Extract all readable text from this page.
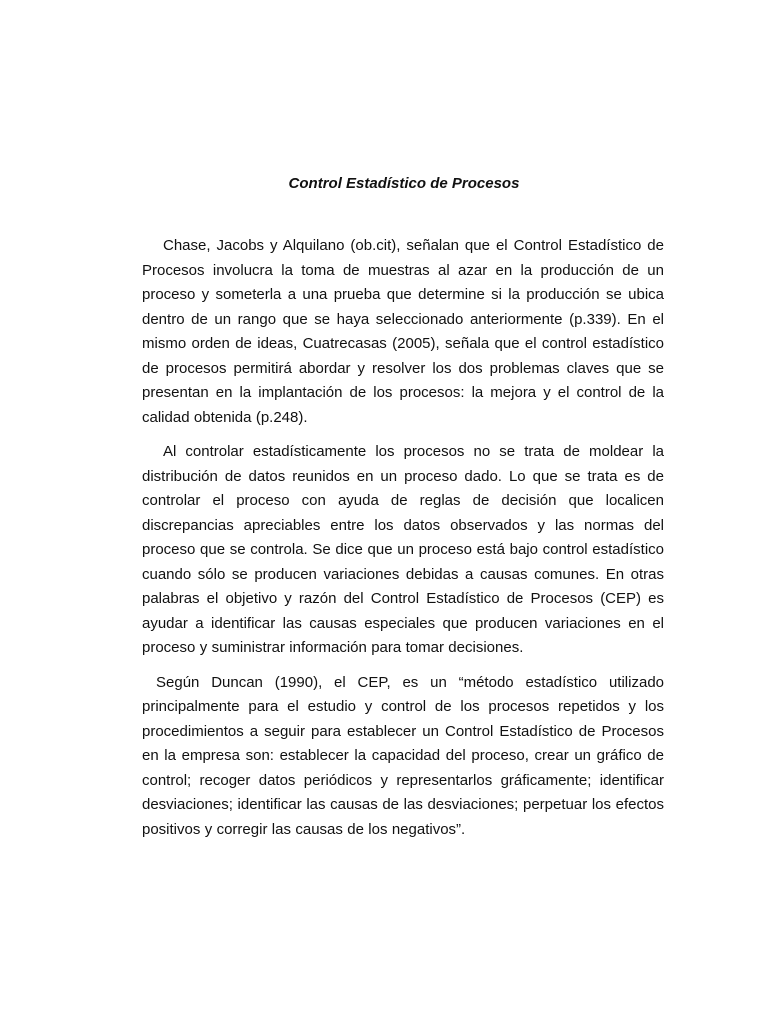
Control Estadístico de Procesos

Chase, Jacobs y Alquilano (ob.cit), señalan que el Control Estadístico de Procesos involucra la toma de muestras al azar en la producción de un proceso y someterla a una prueba que determine si la producción se ubica dentro de un rango que se haya seleccionado anteriormente (p.339). En el mismo orden de ideas, Cuatrecasas (2005), señala que el control estadístico de procesos permitirá abordar y resolver los dos problemas claves que se presentan en la implantación de los procesos: la mejora y el control de la calidad obtenida (p.248).

Al controlar estadísticamente los procesos no se trata de moldear la distribución de datos reunidos en un proceso dado. Lo que se trata es de controlar el proceso con ayuda de reglas de decisión que localicen discrepancias apreciables entre los datos observados y las normas del proceso que se controla. Se dice que un proceso está bajo control estadístico cuando sólo se producen variaciones debidas a causas comunes. En otras palabras el objetivo y razón del Control Estadístico de Procesos (CEP) es ayudar a identificar las causas especiales que producen variaciones en el proceso y suministrar información para tomar decisiones.

Según Duncan (1990), el CEP, es un “método estadístico utilizado principalmente para el estudio y control de los procesos repetidos y los procedimientos a seguir para establecer un Control Estadístico de Procesos en la empresa son: establecer la capacidad del proceso, crear un gráfico de control; recoger datos periódicos y representarlos gráficamente; identificar desviaciones; identificar las causas de las desviaciones; perpetuar los efectos positivos y corregir las causas de los negativos”.
